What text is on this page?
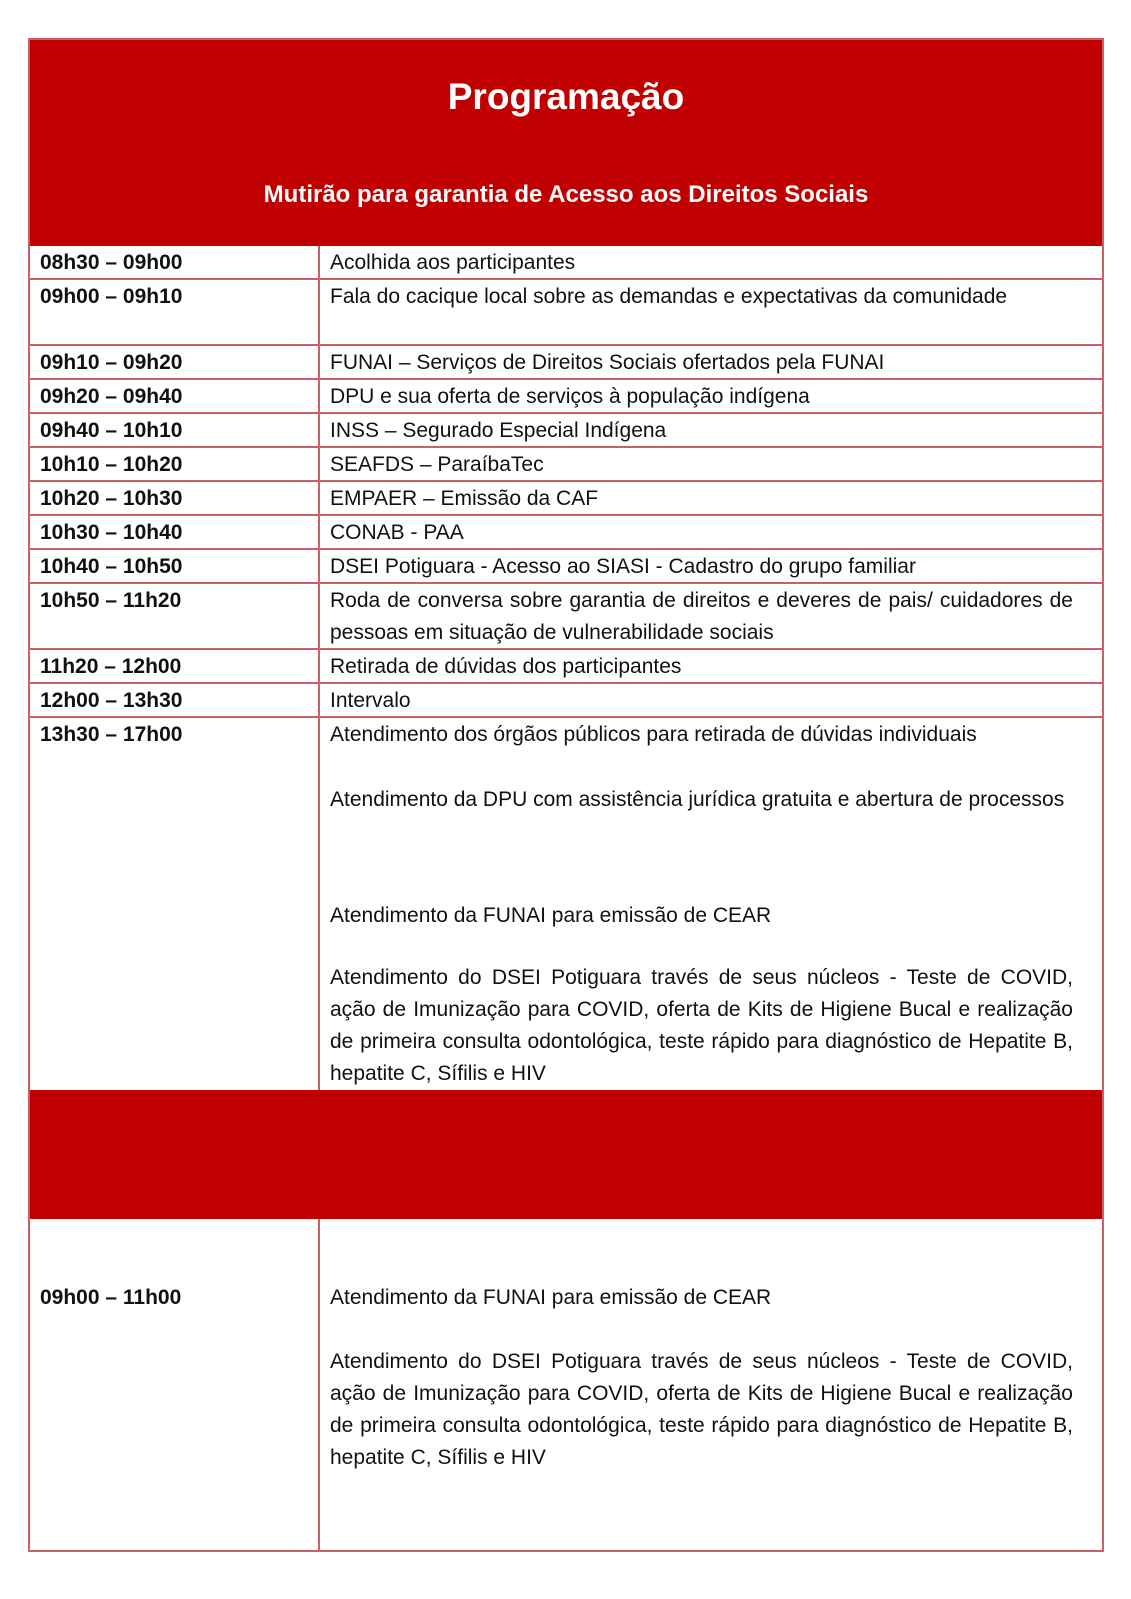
Programação
Mutirão para garantia de Acesso aos Direitos Sociais
08h30 – 09h00	Acolhida aos participantes
09h00 – 09h10	Fala do cacique local sobre as demandas e expectativas da comunidade
09h10 – 09h20	FUNAI – Serviços de Direitos Sociais ofertados pela FUNAI
09h20 – 09h40	DPU e sua oferta de serviços à população indígena
09h40 – 10h10	INSS – Segurado Especial Indígena
10h10 – 10h20	SEAFDS – ParaíbaTec
10h20 – 10h30	EMPAER – Emissão da CAF
10h30 – 10h40	CONAB - PAA
10h40 – 10h50	DSEI Potiguara - Acesso ao SIASI - Cadastro do grupo familiar
10h50 – 11h20	Roda de conversa sobre garantia de direitos e deveres de pais/ cuidadores de pessoas em situação de vulnerabilidade sociais
11h20 – 12h00	Retirada de dúvidas dos participantes
12h00 – 13h30	Intervalo
13h30 – 17h00	Atendimento dos órgãos públicos para retirada de dúvidas individuais
Atendimento da DPU com assistência jurídica gratuita e abertura de processos
Atendimento da FUNAI para emissão de CEAR
Atendimento do DSEI Potiguara través de seus núcleos - Teste de COVID, ação de Imunização para COVID, oferta de Kits de Higiene Bucal e realização de primeira consulta odontológica, teste rápido para diagnóstico de Hepatite B, hepatite C, Sífilis e HIV
09h00 – 11h00	Atendimento da FUNAI para emissão de CEAR
Atendimento do DSEI Potiguara través de seus núcleos - Teste de COVID, ação de Imunização para COVID, oferta de Kits de Higiene Bucal e realização de primeira consulta odontológica, teste rápido para diagnóstico de Hepatite B, hepatite C, Sífilis e HIV
